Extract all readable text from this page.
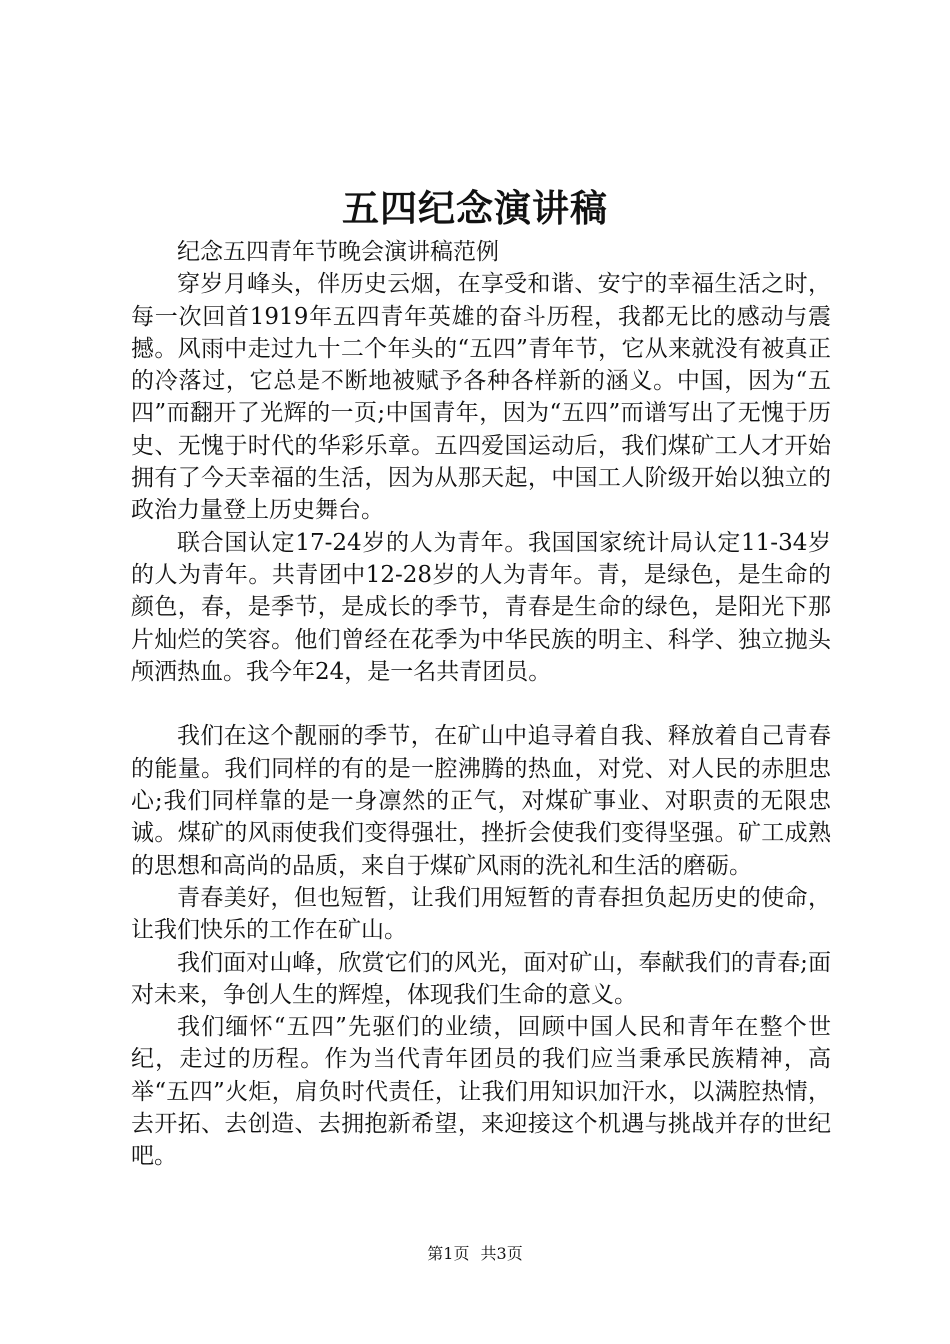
五四纪念演讲稿

纪念五四青年节晚会演讲稿范例

穿岁月峰头，伴历史云烟，在享受和谐、安宁的幸福生活之时，每一次回首1919年五四青年英雄的奋斗历程，我都无比的感动与震撼。风雨中走过九十二个年头的“五四”青年节，它从来就没有被真正的冷落过，它总是不断地被赋予各种各样新的涵义。中国，因为“五四”而翻开了光辉的一页;中国青年，因为“五四”而谱写出了无愧于历史、无愧于时代的华彩乐章。五四爱国运动后，我们煤矿工人才开始拥有了今天幸福的生活，因为从那天起，中国工人阶级开始以独立的政治力量登上历史舞台。

联合国认定17-24岁的人为青年。我国国家统计局认定11-34岁的人为青年。共青团中12-28岁的人为青年。青，是绿色，是生命的颜色，春，是季节，是成长的季节，青春是生命的绿色，是阳光下那片灿烂的笑容。他们曾经在花季为中华民族的明主、科学、独立抛头颅洒热血。我今年24，是一名共青团员。

我们在这个靓丽的季节，在矿山中追寻着自我、释放着自己青春的能量。我们同样的有的是一腔沸腾的热血，对党、对人民的赤胆忠心;我们同样靠的是一身凛然的正气，对煤矿事业、对职责的无限忠诚。煤矿的风雨使我们变得强壮，挫折会使我们变得坚强。矿工成熟的思想和高尚的品质，来自于煤矿风雨的洗礼和生活的磨砺。

青春美好，但也短暂，让我们用短暂的青春担负起历史的使命，让我们快乐的工作在矿山。

我们面对山峰，欣赏它们的风光，面对矿山，奉献我们的青春;面对未来，争创人生的辉煌，体现我们生命的意义。

我们缅怀“五四”先驱们的业绩，回顾中国人民和青年在整个世纪，走过的历程。作为当代青年团员的我们应当秉承民族精神，高举“五四”火炬，肩负时代责任，让我们用知识加汗水，以满腔热情，去开拓、去创造、去拥抱新希望，来迎接这个机遇与挑战并存的世纪吧。

第1页 共3页
